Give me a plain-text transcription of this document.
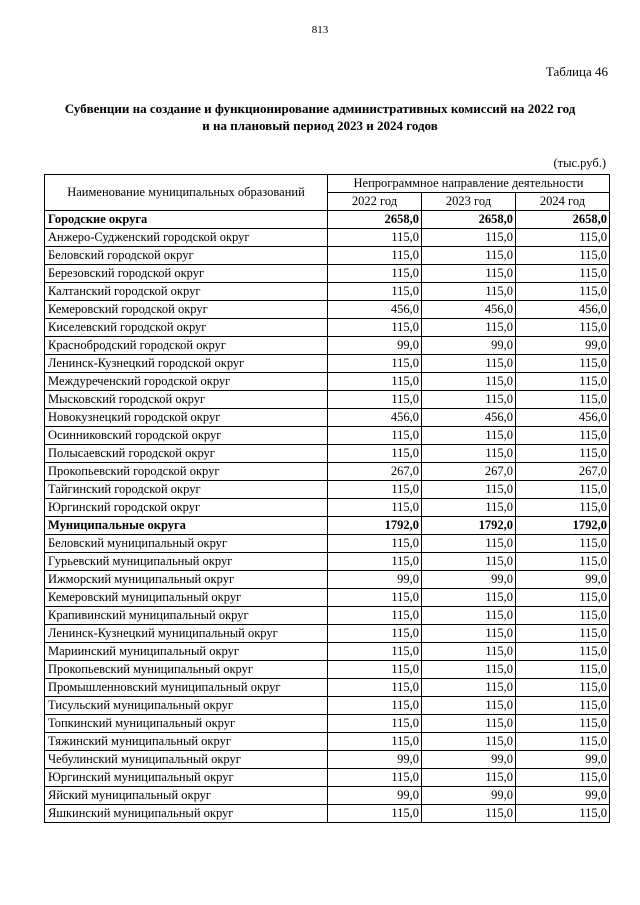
813
Таблица 46
Субвенции на создание и функционирование административных комиссий на 2022 год
и на плановый период 2023 и 2024 годов
(тыс.руб.)
Наименование муниципальных образований	Непрограммное направление деятельности		
	2022 год	2023 год	2024 год
Городские округа	2658,0	2658,0	2658,0
Анжеро-Судженский городской округ	115,0	115,0	115,0
Беловский городской округ	115,0	115,0	115,0
Березовский городской округ	115,0	115,0	115,0
Калтанский городской округ	115,0	115,0	115,0
Кемеровский городской округ	456,0	456,0	456,0
Киселевский городской округ	115,0	115,0	115,0
Краснобродский городской округ	99,0	99,0	99,0
Ленинск-Кузнецкий городской округ	115,0	115,0	115,0
Междуреченский городской округ	115,0	115,0	115,0
Мысковский городской округ	115,0	115,0	115,0
Новокузнецкий городской округ	456,0	456,0	456,0
Осинниковский городской округ	115,0	115,0	115,0
Полысаевский городской округ	115,0	115,0	115,0
Прокопьевский городской округ	267,0	267,0	267,0
Тайгинский городской округ	115,0	115,0	115,0
Юргинский городской округ	115,0	115,0	115,0
Муниципальные округа	1792,0	1792,0	1792,0
Беловский муниципальный округ	115,0	115,0	115,0
Гурьевский муниципальный округ	115,0	115,0	115,0
Ижморский муниципальный округ	99,0	99,0	99,0
Кемеровский муниципальный округ	115,0	115,0	115,0
Крапивинский муниципальный округ	115,0	115,0	115,0
Ленинск-Кузнецкий муниципальный округ	115,0	115,0	115,0
Мариинский муниципальный округ	115,0	115,0	115,0
Прокопьевский муниципальный округ	115,0	115,0	115,0
Промышленновский муниципальный округ	115,0	115,0	115,0
Тисульский муниципальный округ	115,0	115,0	115,0
Топкинский муниципальный округ	115,0	115,0	115,0
Тяжинский муниципальный округ	115,0	115,0	115,0
Чебулинский муниципальный округ	99,0	99,0	99,0
Юргинский муниципальный округ	115,0	115,0	115,0
Яйский муниципальный округ	99,0	99,0	99,0
Яшкинский муниципальный округ	115,0	115,0	115,0
